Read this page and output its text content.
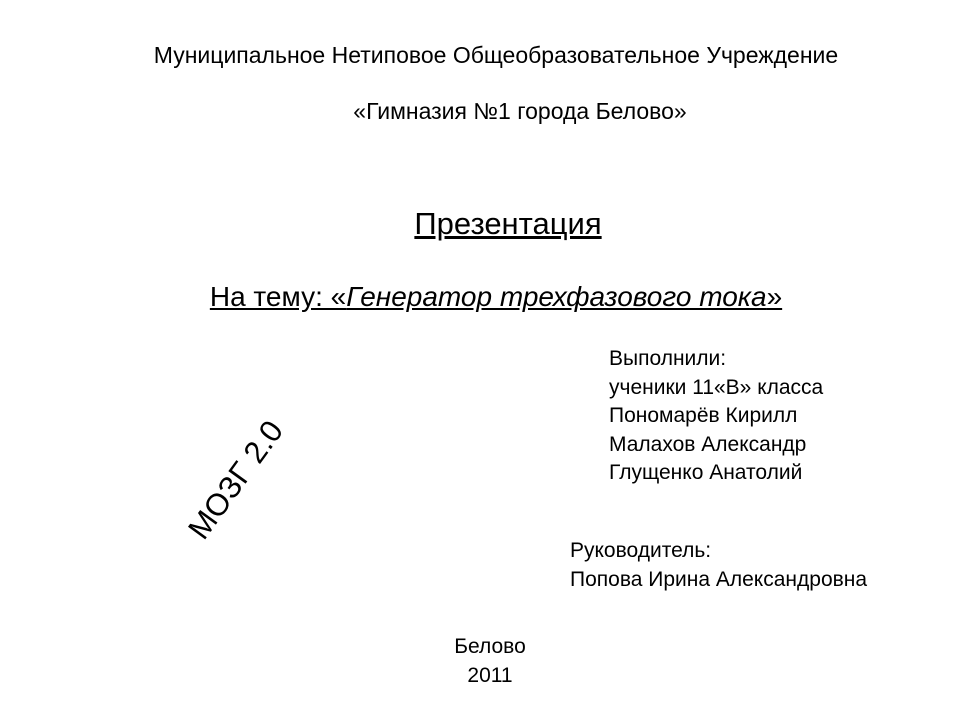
Муниципальное Нетиповое Общеобразовательное Учреждение
«Гимназия №1 города Белово»
Презентация
На тему: «Генератор трехфазового тока»
Выполнили:
ученики 11«В» класса
Пономарёв Кирилл
Малахов Александр
Глущенко Анатолий
МОЗГ 2.0
Руководитель:
Попова Ирина Александровна
Белово
2011
